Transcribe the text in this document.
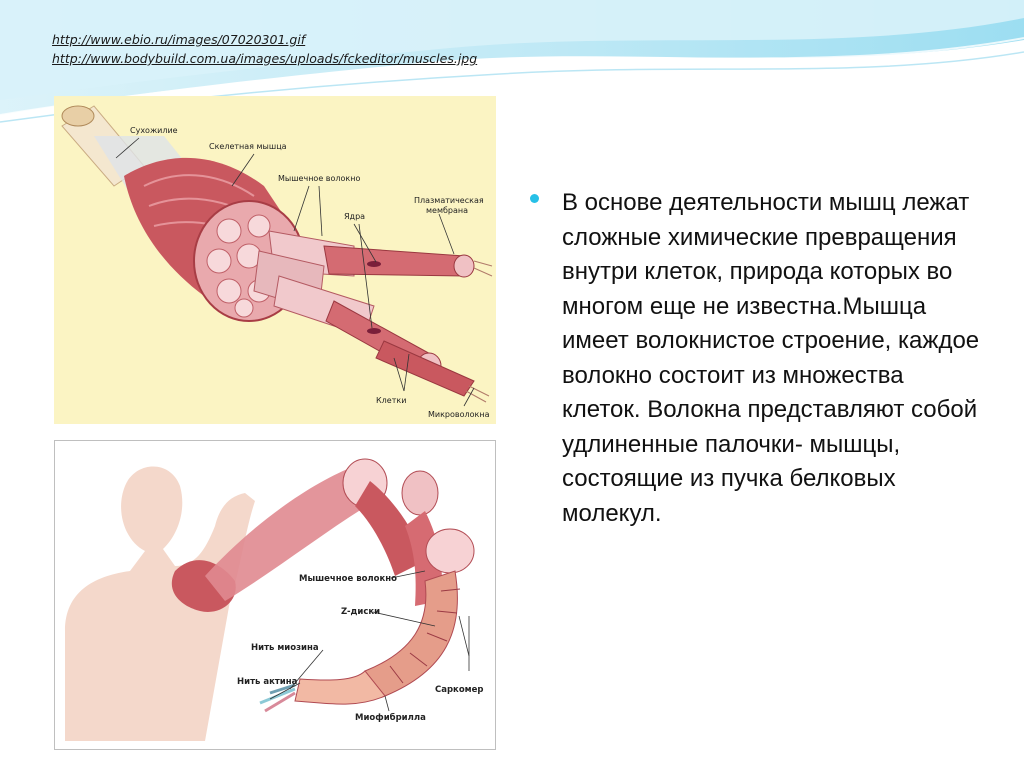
http://www.ebio.ru/images/07020301.gif
http://www.bodybuild.com.ua/images/uploads/fckeditor/muscles.jpg
Сухожилие
Скелетная мышца
Мышечное волокно
Ядра
Плазматическая
мембрана
Клетки
Микроволокна
Мышечное волокно
Z-диски
Нить миозина
Нить актина
Саркомер
Миофибрилла
В основе деятельности мышц лежат сложные химические превращения внутри клеток, природа которых во многом еще не известна.Мышца имеет волокнистое строение, каждое волокно состоит из множества клеток. Волокна представляют собой удлиненные палочки- мышцы, состоящие из пучка белковых молекул.
